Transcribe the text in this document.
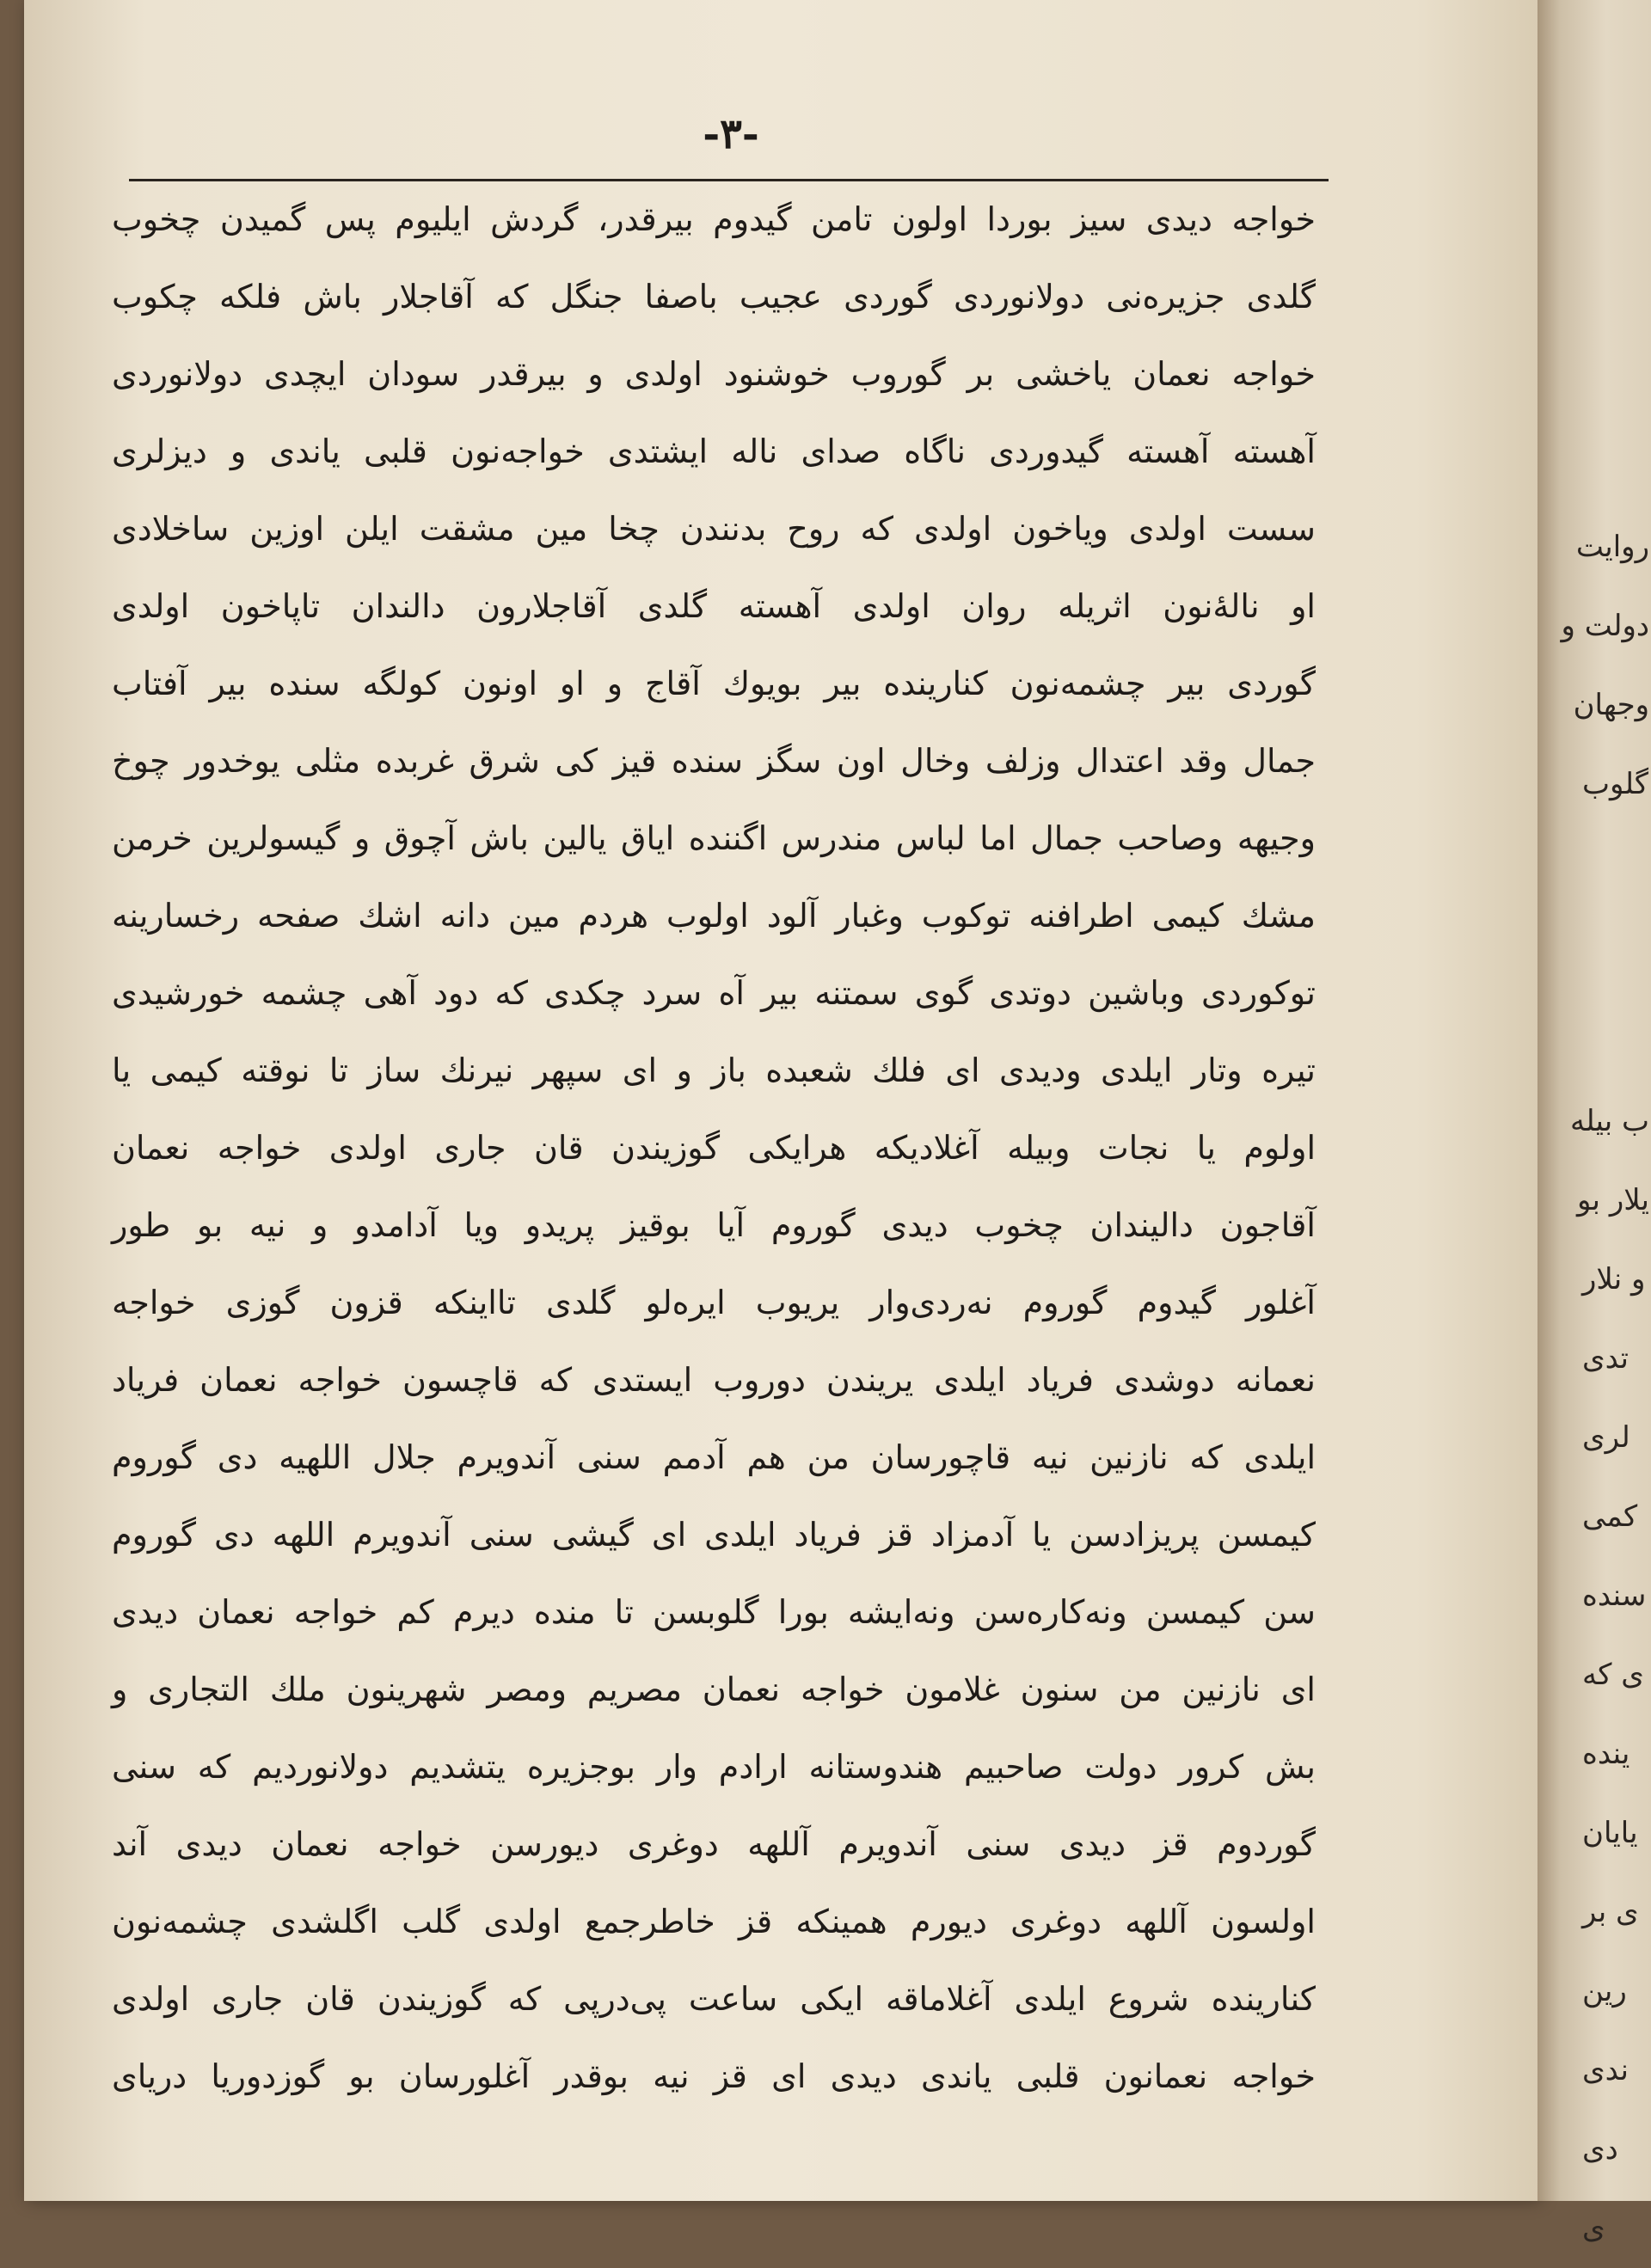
-۳-
خواجه دیدی سیز بوردا اولون تامن گیدوم بیرقدر، گردش ایلیوم پس گمیدن چخوب
گلدی جزیره‌نی دولانوردی گوردی عجیب باصفا جنگل که آقاجلار باش فلکه چکوب
خواجه نعمان یاخشی بر گوروب خوشنود اولدی و بیرقدر سودان ایچدی دولانوردی
آهسته آهسته گیدوردی ناگاه صدای ناله ایشتدی خواجه‌نون قلبی یاندی و دیزلری
سست اولدی ویاخون اولدی که روح بدنندن چخا مین مشقت ایلن اوزین ساخلادی
او نالهٔ‌نون اثریله روان اولدی آهسته گلدی آقاجلارون دالندان تاپاخون اولدی
گوردی بیر چشمه‌نون کنارینده بیر بویوك آقاج و او اونون کولگه سنده بیر آفتاب
جمال وقد اعتدال وزلف وخال اون سگز سنده قیز کی شرق غربده مثلی یوخدور چوخ
وجیهه وصاحب جمال اما لباس مندرس اگننده ایاق یالین باش آچوق و گیسولرین خرمن
مشك کیمی اطرافنه توکوب وغبار آلود اولوب هردم مین دانه اشك صفحه رخسارینه
توکوردی وباشین دوتدی گوی سمتنه بیر آه سرد چکدی که دود آهی چشمه خورشیدی
تیره وتار ایلدی ودیدی ای فلك شعبده باز و ای سپهر نیرنك ساز تا نوقته کیمی یا
اولوم یا نجات وبیله آغلادیکه هرایکی گوزیندن قان جاری اولدی خواجه نعمان
آقاجون دالیندان چخوب دیدی گوروم آیا بوقیز پریدو ویا آدامدو و نیه بو طور
آغلور گیدوم گوروم نه‌ردی‌وار یریوب ایره‌لو گلدی تااینکه قزون گوزی خواجه
نعمانه دوشدی فریاد ایلدی یریندن دوروب ایستدی که قاچسون خواجه نعمان فریاد
ایلدی که نازنین نیه قاچورسان من هم آدمم سنی آندویرم جلال اللهیه دی گوروم
کیمسن پریزادسن یا آدمزاد قز فریاد ایلدی ای گیشی سنی آندویرم اللهه دی گوروم
سن کیمسن ونه‌کاره‌سن ونه‌ایشه بورا گلوبسن تا منده دیرم کم خواجه نعمان دیدی
ای نازنین من سنون غلامون خواجه نعمان مصریم ومصر شهرینون ملك التجاری و
بش کرور دولت صاحبیم هندوستانه ارادم وار بوجزیره یتشدیم دولانوردیم که سنی
گوردوم قز دیدی سنی آندویرم آللهه دوغری دیورسن خواجه نعمان دیدی آند
اولسون آللهه دوغری دیورم همینکه قز خاطرجمع اولدی گلب اگلشدی چشمه‌نون
کنارینده شروع ایلدی آغلاماقه ایکی ساعت پی‌درپی که گوزیندن قان جاری اولدی
خواجه نعمانون قلبی یاندی دیدی ای قز نیه بوقدر آغلورسان بو گوزدوریا دریای
روایت
دولت و
وجهان
گلوب
ب بیله
یلار بو
و نلار
تدی
لری
کمی
سنده
ی که
ینده
یایان
ی بر
رین
ندی
دی
ی
